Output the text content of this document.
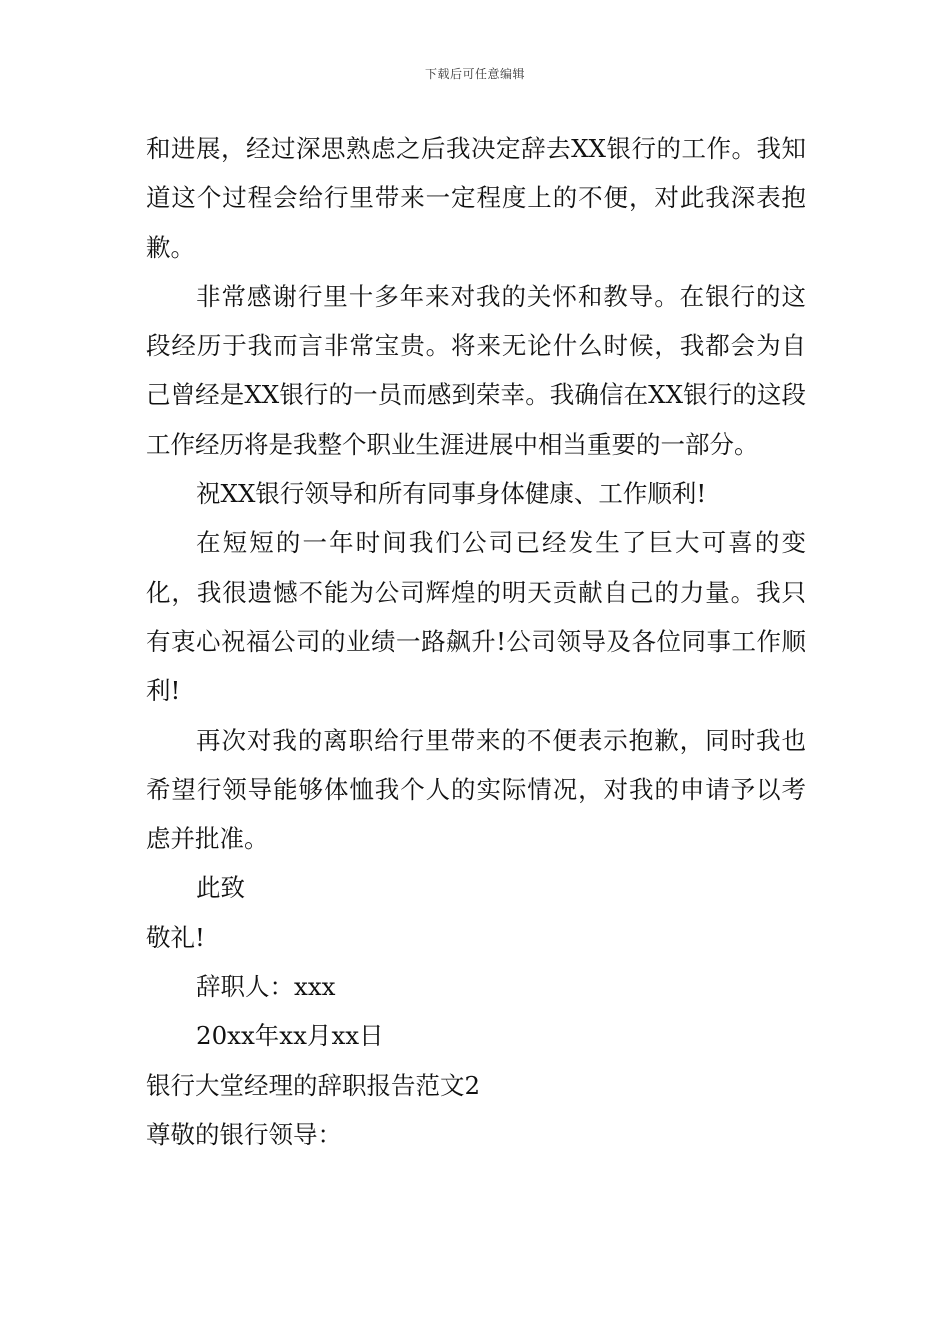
下载后可任意编辑

和进展，经过深思熟虑之后我决定辞去XX银行的工作。我知道这个过程会给行里带来一定程度上的不便，对此我深表抱歉。

非常感谢行里十多年来对我的关怀和教导。在银行的这段经历于我而言非常宝贵。将来无论什么时候，我都会为自己曾经是XX银行的一员而感到荣幸。我确信在XX银行的这段工作经历将是我整个职业生涯进展中相当重要的一部分。

祝XX银行领导和所有同事身体健康、工作顺利!

在短短的一年时间我们公司已经发生了巨大可喜的变化，我很遗憾不能为公司辉煌的明天贡献自己的力量。我只有衷心祝福公司的业绩一路飙升!公司领导及各位同事工作顺利!

再次对我的离职给行里带来的不便表示抱歉，同时我也希望行领导能够体恤我个人的实际情况，对我的申请予以考虑并批准。

此致

敬礼!

辞职人：xxx

20xx年xx月xx日

银行大堂经理的辞职报告范文2

尊敬的银行领导：
